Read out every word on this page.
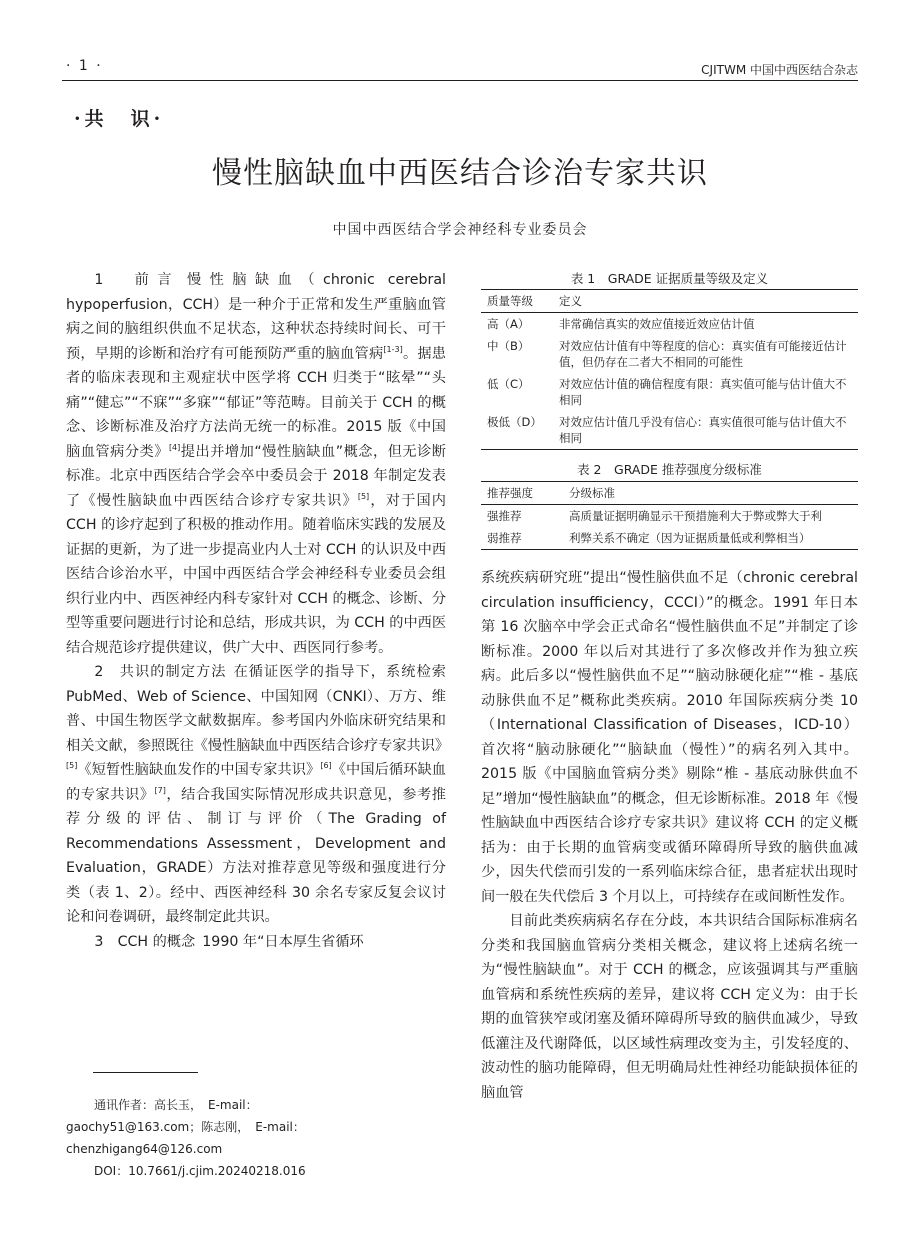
· 1 ·	CJITWM 中国中西医结合杂志
·共　识·
慢性脑缺血中西医结合诊治专家共识
中国中西医结合学会神经科专业委员会

1　前言 慢性脑缺血（chronic cerebral hypoperfusion，CCH）是一种介于正常和发生严重脑血管病之间的脑组织供血不足状态，这种状态持续时间长、可干预，早期的诊断和治疗有可能预防严重的脑血管病[1-3]。据患者的临床表现和主观症状中医学将 CCH 归类于“眩晕”“头痛”“健忘”“不寐”“多寐”“郁证”等范畴。目前关于 CCH 的概念、诊断标准及治疗方法尚无统一的标准。2015 版《中国脑血管病分类》[4]提出并增加“慢性脑缺血”概念，但无诊断标准。北京中西医结合学会卒中委员会于 2018 年制定发表了《慢性脑缺血中西医结合诊疗专家共识》[5]，对于国内 CCH 的诊疗起到了积极的推动作用。随着临床实践的发展及证据的更新，为了进一步提高业内人士对 CCH 的认识及中西医结合诊治水平，中国中西医结合学会神经科专业委员会组织行业内中、西医神经内科专家针对 CCH 的概念、诊断、分型等重要问题进行讨论和总结，形成共识，为 CCH 的中西医结合规范诊疗提供建议，供广大中、西医同行参考。

2　共识的制定方法 在循证医学的指导下，系统检索 PubMed、Web of Science、中国知网（CNKI）、万方、维普、中国生物医学文献数据库。参考国内外临床研究结果和相关文献，参照既往《慢性脑缺血中西医结合诊疗专家共识》[5]《短暂性脑缺血发作的中国专家共识》[6]《中国后循环缺血的专家共识》[7]，结合我国实际情况形成共识意见，参考推荐分级的评估、制订与评价（The Grading of Recommendations Assessment，Development and Evaluation，GRADE）方法对推荐意见等级和强度进行分类（表 1、2）。经中、西医神经科 30 余名专家反复会议讨论和问卷调研，最终制定此共识。

3　CCH 的概念 1990 年“日本厚生省循环

通讯作者：高长玉，　E-mail：gaochy51@163.com；陈志刚，　E-mail：chenzhigang64@126.com
DOI：10.7661/j.cjim.20240218.016
表 1　GRADE 证据质量等级及定义
质量等级	定义
高（A）	非常确信真实的效应值接近效应估计值
中（B）	对效应估计值有中等程度的信心：真实值有可能接近估计值，但仍存在二者大不相同的可能性
低（C）	对效应估计值的确信程度有限：真实值可能与估计值大不相同
极低（D）	对效应估计值几乎没有信心：真实值很可能与估计值大不相同
表 2　GRADE 推荐强度分级标准
推荐强度	分级标准
强推荐	高质量证据明确显示干预措施利大于弊或弊大于利
弱推荐	利弊关系不确定（因为证据质量低或利弊相当）

系统疾病研究班”提出“慢性脑供血不足（chronic cerebral circulation insufficiency，CCCI）”的概念。1991 年日本第 16 次脑卒中学会正式命名“慢性脑供血不足”并制定了诊断标准。2000 年以后对其进行了多次修改并作为独立疾病。此后多以“慢性脑供血不足”“脑动脉硬化症”“椎 - 基底动脉供血不足”概称此类疾病。2010 年国际疾病分类 10（International Classification of Diseases，ICD-10）首次将“脑动脉硬化”“脑缺血（慢性）”的病名列入其中。2015 版《中国脑血管病分类》剔除“椎 - 基底动脉供血不足”增加“慢性脑缺血”的概念，但无诊断标准。2018 年《慢性脑缺血中西医结合诊疗专家共识》建议将 CCH 的定义概括为：由于长期的血管病变或循环障碍所导致的脑供血减少，因失代偿而引发的一系列临床综合征，患者症状出现时间一般在失代偿后 3 个月以上，可持续存在或间断性发作。

目前此类疾病病名存在分歧，本共识结合国际标准病名分类和我国脑血管病分类相关概念，建议将上述病名统一为“慢性脑缺血”。对于 CCH 的概念，应该强调其与严重脑血管病和系统性疾病的差异，建议将 CCH 定义为：由于长期的血管狭窄或闭塞及循环障碍所导致的脑供血减少，导致低灌注及代谢降低，以区域性病理改变为主，引发轻度的、波动性的脑功能障碍，但无明确局灶性神经功能缺损体征的脑血管
